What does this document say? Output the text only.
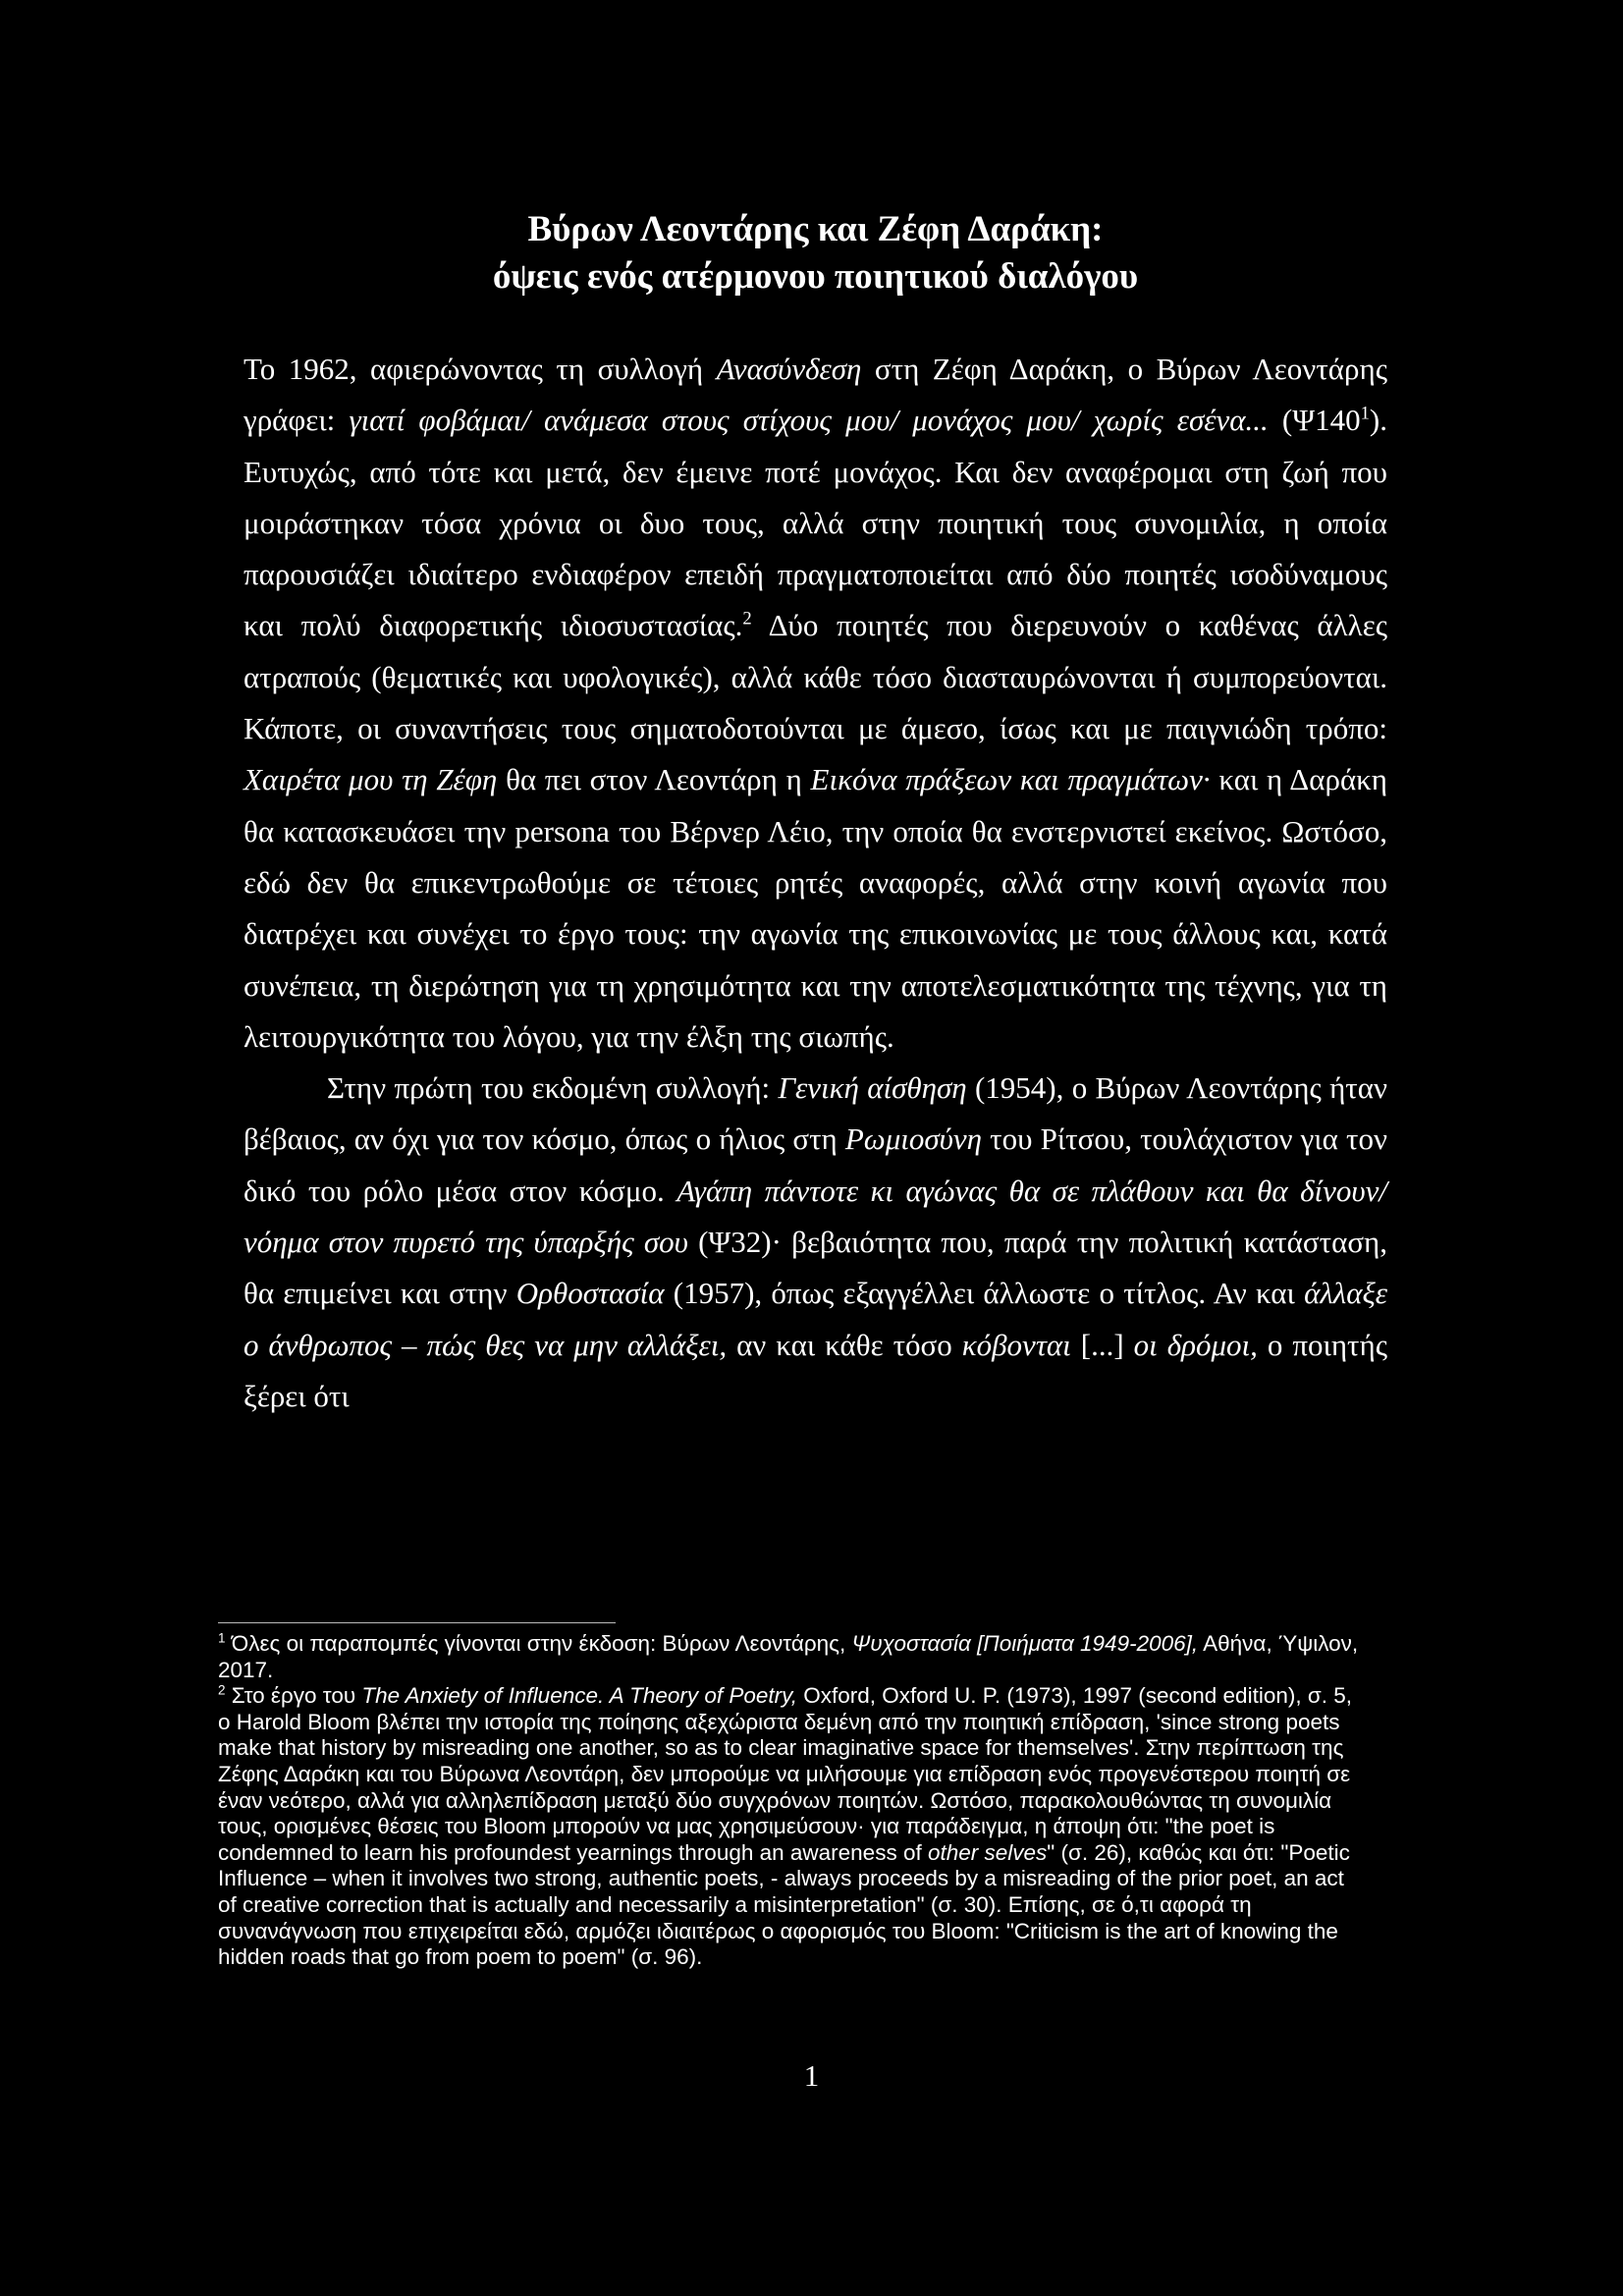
Βύρων Λεοντάρης και Ζέφη Δαράκη:
όψεις ενός ατέρμονου ποιητικού διαλόγου

Το 1962, αφιερώνοντας τη συλλογή Ανασύνδεση στη Ζέφη Δαράκη, ο Βύρων Λεοντάρης γράφει: γιατί φοβάμαι/ ανάμεσα στους στίχους μου/ μονάχος μου/ χωρίς εσένα... $(\Psi 140^1)$. Ευτυχώς, από τότε και μετά, δεν έμεινε ποτέ μονάχος. Και δεν αναφέρομαι στη ζωή που μοιράστηκαν τόσα χρόνια οι δυο τους, αλλά στην ποιητική τους συνομιλία, η οποία παρουσιάζει ιδιαίτερο ενδιαφέρον επειδή πραγματοποιείται από δύο ποιητές ισοδύναμους και πολύ διαφορετικής ιδιοσυστασίας.$^2$ Δύο ποιητές που διερευνούν ο καθένας άλλες ατραπούς (θεματικές και υφολογικές), αλλά κάθε τόσο διασταυρώνονται ή συμπορεύονται. Κάποτε, οι συναντήσεις τους σηματοδοτούνται με άμεσο, ίσως και με παιγνιώδη τρόπο: Χαιρέτα μου τη Ζέφη θα πει στον Λεοντάρη η Εικόνα πράξεων και πραγμάτων· και η Δαράκη θα κατασκευάσει την persona του Βέρνερ Λέιο, την οποία θα ενστερνιστεί εκείνος. Ωστόσο, εδώ δεν θα επικεντρωθούμε σε τέτοιες ρητές αναφορές, αλλά στην κοινή αγωνία που διατρέχει και συνέχει το έργο τους: την αγωνία της επικοινωνίας με τους άλλους και, κατά συνέπεια, τη διερώτηση για τη χρησιμότητα και την αποτελεσματικότητα της τέχνης, για τη λειτουργικότητα του λόγου, για την έλξη της σιωπής.

Στην πρώτη του εκδομένη συλλογή: Γενική αίσθηση (1954), ο Βύρων Λεοντάρης ήταν βέβαιος, αν όχι για τον κόσμο, όπως ο ήλιος στη Ρωμιοσύνη του Ρίτσου, τουλάχιστον για τον δικό του ρόλο μέσα στον κόσμο. Αγάπη πάντοτε κι αγώνας θα σε πλάθουν και θα δίνουν/ νόημα στον πυρετό της ύπαρξής σου (Ψ32)· βεβαιότητα που, παρά την πολιτική κατάσταση, θα επιμείνει και στην Ορθοστασία (1957), όπως εξαγγέλλει άλλωστε ο τίτλος. Αν και άλλαξε ο άνθρωπος – πώς θες να μην αλλάξει, αν και κάθε τόσο κόβονται [...] οι δρόμοι, ο ποιητής ξέρει ότι

$^1$ Όλες οι παραπομπές γίνονται στην έκδοση: Βύρων Λεοντάρης, Ψυχοστασία [Ποιήματα 1949-2006], Αθήνα, Ύψιλον, 2017.

$^2$ Στο έργο του The Anxiety of Influence. A Theory of Poetry, Oxford, Oxford U. P. (1973), 1997 (second edition), σ. 5, ο Harold Bloom βλέπει την ιστορία της ποίησης αξεχώριστα δεμένη από την ποιητική επίδραση, 'since strong poets make that history by misreading one another, so as to clear imaginative space for themselves'. Στην περίπτωση της Ζέφης Δαράκη και του Βύρωνα Λεοντάρη, δεν μπορούμε να μιλήσουμε για επίδραση ενός προγενέστερου ποιητή σε έναν νεότερο, αλλά για αλληλεπίδραση μεταξύ δύο συγχρόνων ποιητών. Ωστόσο, παρακολουθώντας τη συνομιλία τους, ορισμένες θέσεις του Bloom μπορούν να μας χρησιμεύσουν· για παράδειγμα, η άποψη ότι: "the poet is condemned to learn his profoundest yearnings through an awareness of other selves" (σ. 26), καθώς και ότι: "Poetic Influence – when it involves two strong, authentic poets, - always proceeds by a misreading of the prior poet, an act of creative correction that is actually and necessarily a misinterpretation" (σ. 30). Επίσης, σε ό,τι αφορά τη συνανάγνωση που επιχειρείται εδώ, αρμόζει ιδιαιτέρως ο αφορισμός του Bloom: "Criticism is the art of knowing the hidden roads that go from poem to poem" (σ. 96).

1
